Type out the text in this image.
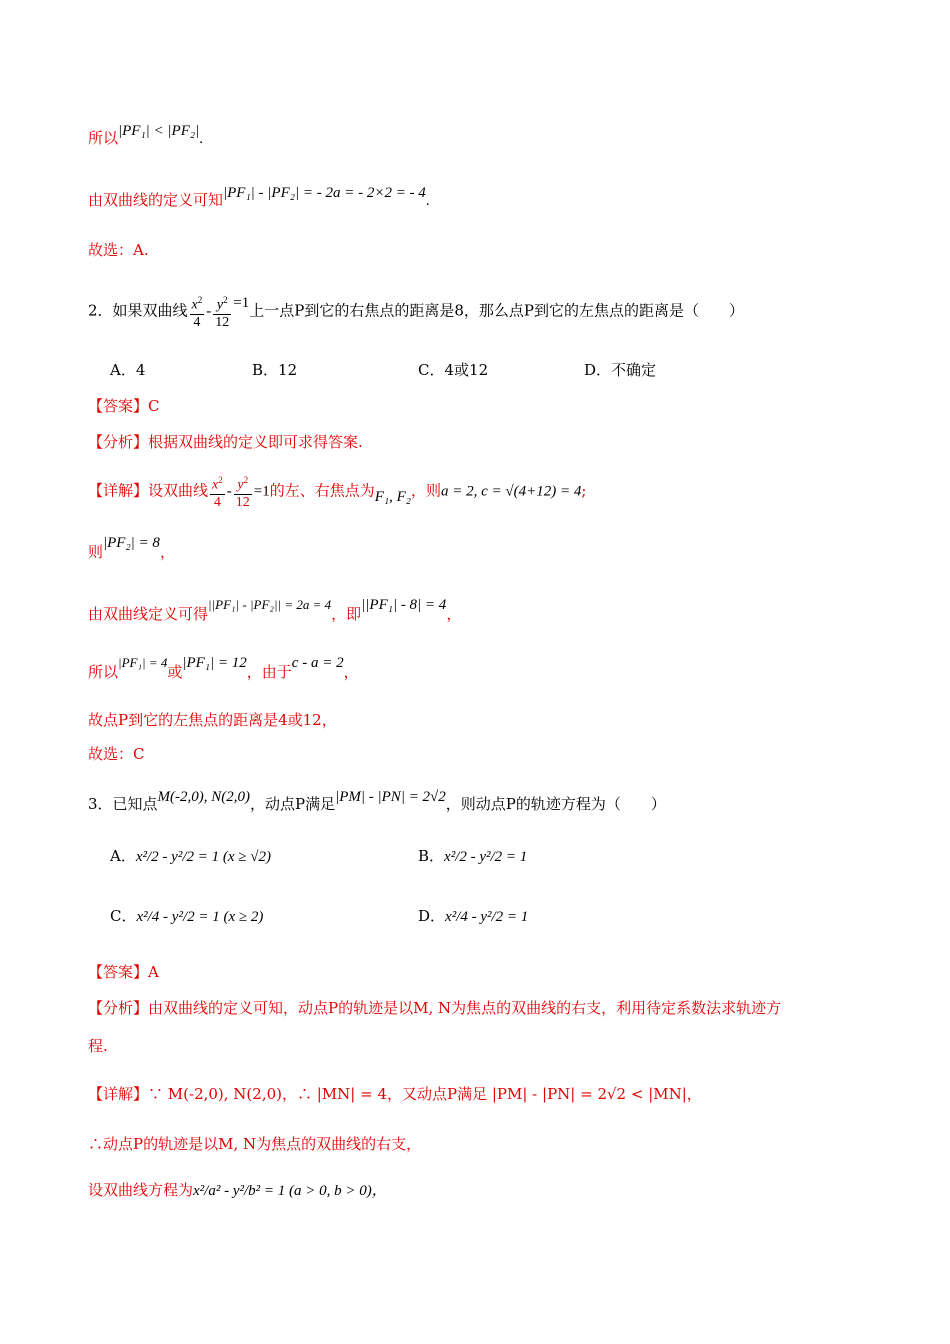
所以|PF₁| < |PF₂|.
由双曲线的定义可知|PF₁| - |PF₂| = - 2a = - 2×2 = - 4.
故选：A.
2．如果双曲线 $\frac{x^2}{4} - \frac{y^2}{12} =1$上一点P到它的右焦点的距离是8，那么点P到它的左焦点的距离是（　　）
A．4	B．12	C．4或12	D．不确定
【答案】C
【分析】根据双曲线的定义即可求得答案.
【详解】设双曲线 $\frac{x^2}{4} - \frac{y^2}{12} =1$的左、右焦点为F₁, F₂，则a = 2, c = √(4+12) = 4;
则|PF₂| = 8，
由双曲线定义可得||PF₁| - |PF₂|| = 2a = 4，即||PF₁| - 8| = 4，
所以|PF₁| = 4或|PF₁| = 12，由于c - a = 2，
故点P到它的左焦点的距离是4或12，
故选：C
3．已知点M(-2,0), N(2,0)，动点P满足|PM| - |PN| = 2√2，则动点P的轨迹方程为（　　）
A．x²/2 - y²/2 = 1 (x ≥ √2)	B．x²/2 - y²/2 = 1
C．x²/4 - y²/2 = 1 (x ≥ 2)	D．x²/4 - y²/2 = 1
【答案】A
【分析】由双曲线的定义可知，动点P的轨迹是以M, N为焦点的双曲线的右支，利用待定系数法求轨迹方
程.
【详解】∵ M(-2,0), N(2,0)，∴ |MN| = 4，又动点P满足 |PM| - |PN| = 2√2 < |MN|，
∴动点P的轨迹是以M, N为焦点的双曲线的右支，
设双曲线方程为x²/a² - y²/b² = 1 (a > 0, b > 0)，
